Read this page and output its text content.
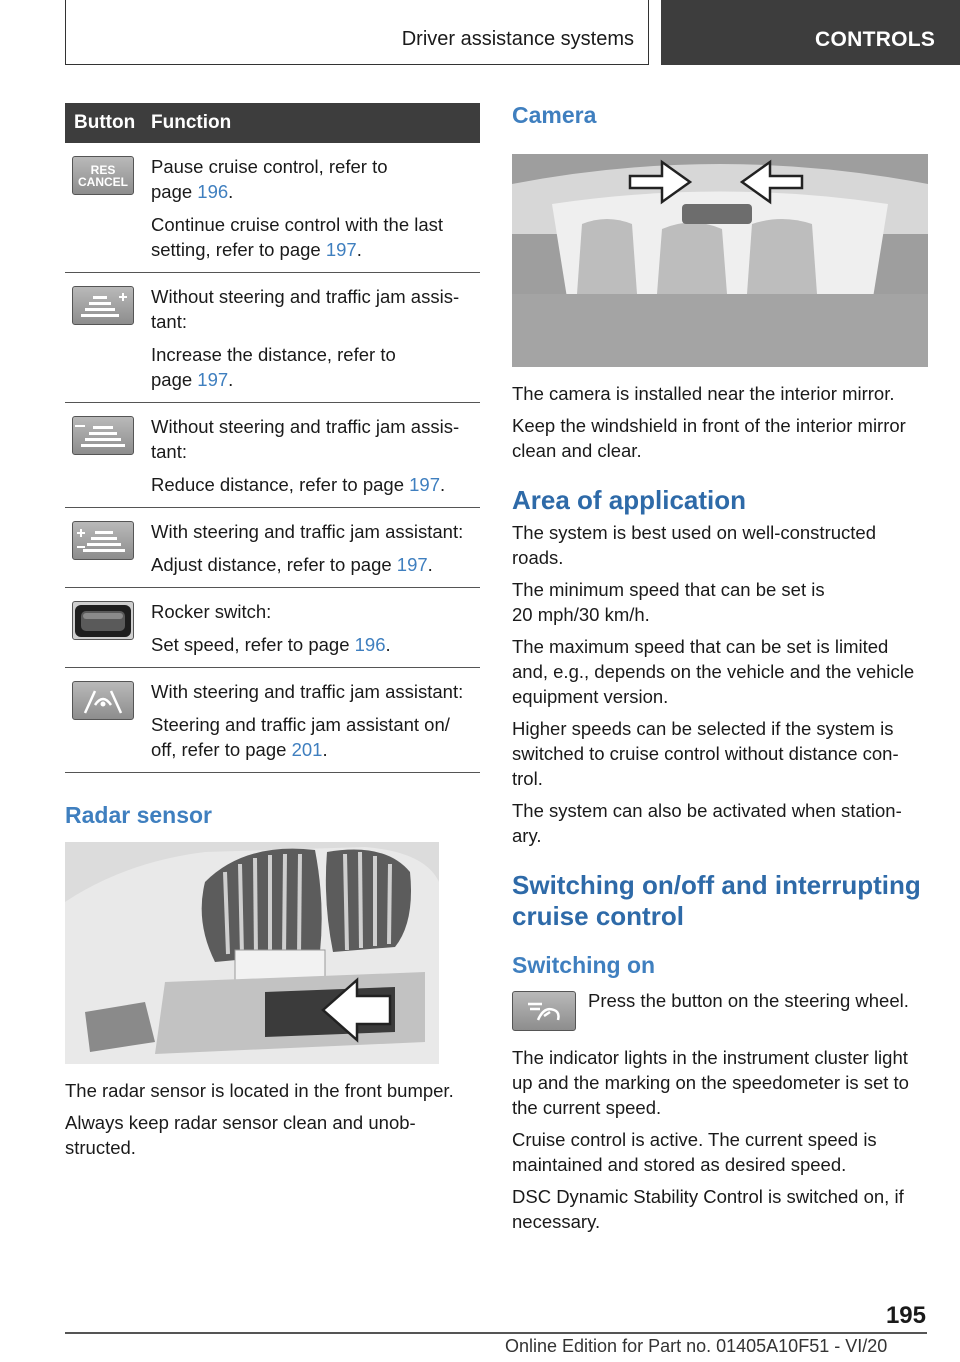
Driver assistance systems	CONTROLS
Button Function
RES
CANCEL

Pause cruise control, refer to
page 196.

Continue cruise control with the last
setting, refer to page 197.

Without steering and traffic jam assis-
tant:

Increase the distance, refer to
page 197.

Without steering and traffic jam assis-
tant:

Reduce distance, refer to page 197.

With steering and traffic jam assistant:

Adjust distance, refer to page 197.

Rocker switch:

Set speed, refer to page 196.

With steering and traffic jam assistant:

Steering and traffic jam assistant on/
off, refer to page 201.

Radar sensor

The radar sensor is located in the front bumper.

Always keep radar sensor clean and unob-
structed.

Camera

The camera is installed near the interior mirror.

Keep the windshield in front of the interior mirror
clean and clear.

Area of application

The system is best used on well-constructed
roads.

The minimum speed that can be set is
20 mph/30 km/h.

The maximum speed that can be set is limited
and, e.g., depends on the vehicle and the vehicle
equipment version.

Higher speeds can be selected if the system is
switched to cruise control without distance con-
trol.

The system can also be activated when station-
ary.

Switching on/off and interrupting
cruise control
Switching on

Press the button on the steering wheel.

The indicator lights in the instrument cluster light
up and the marking on the speedometer is set to
the current speed.

Cruise control is active. The current speed is
maintained and stored as desired speed.

DSC Dynamic Stability Control is switched on, if
necessary.

195
Online Edition for Part no. 01405A10F51 - VI/20
